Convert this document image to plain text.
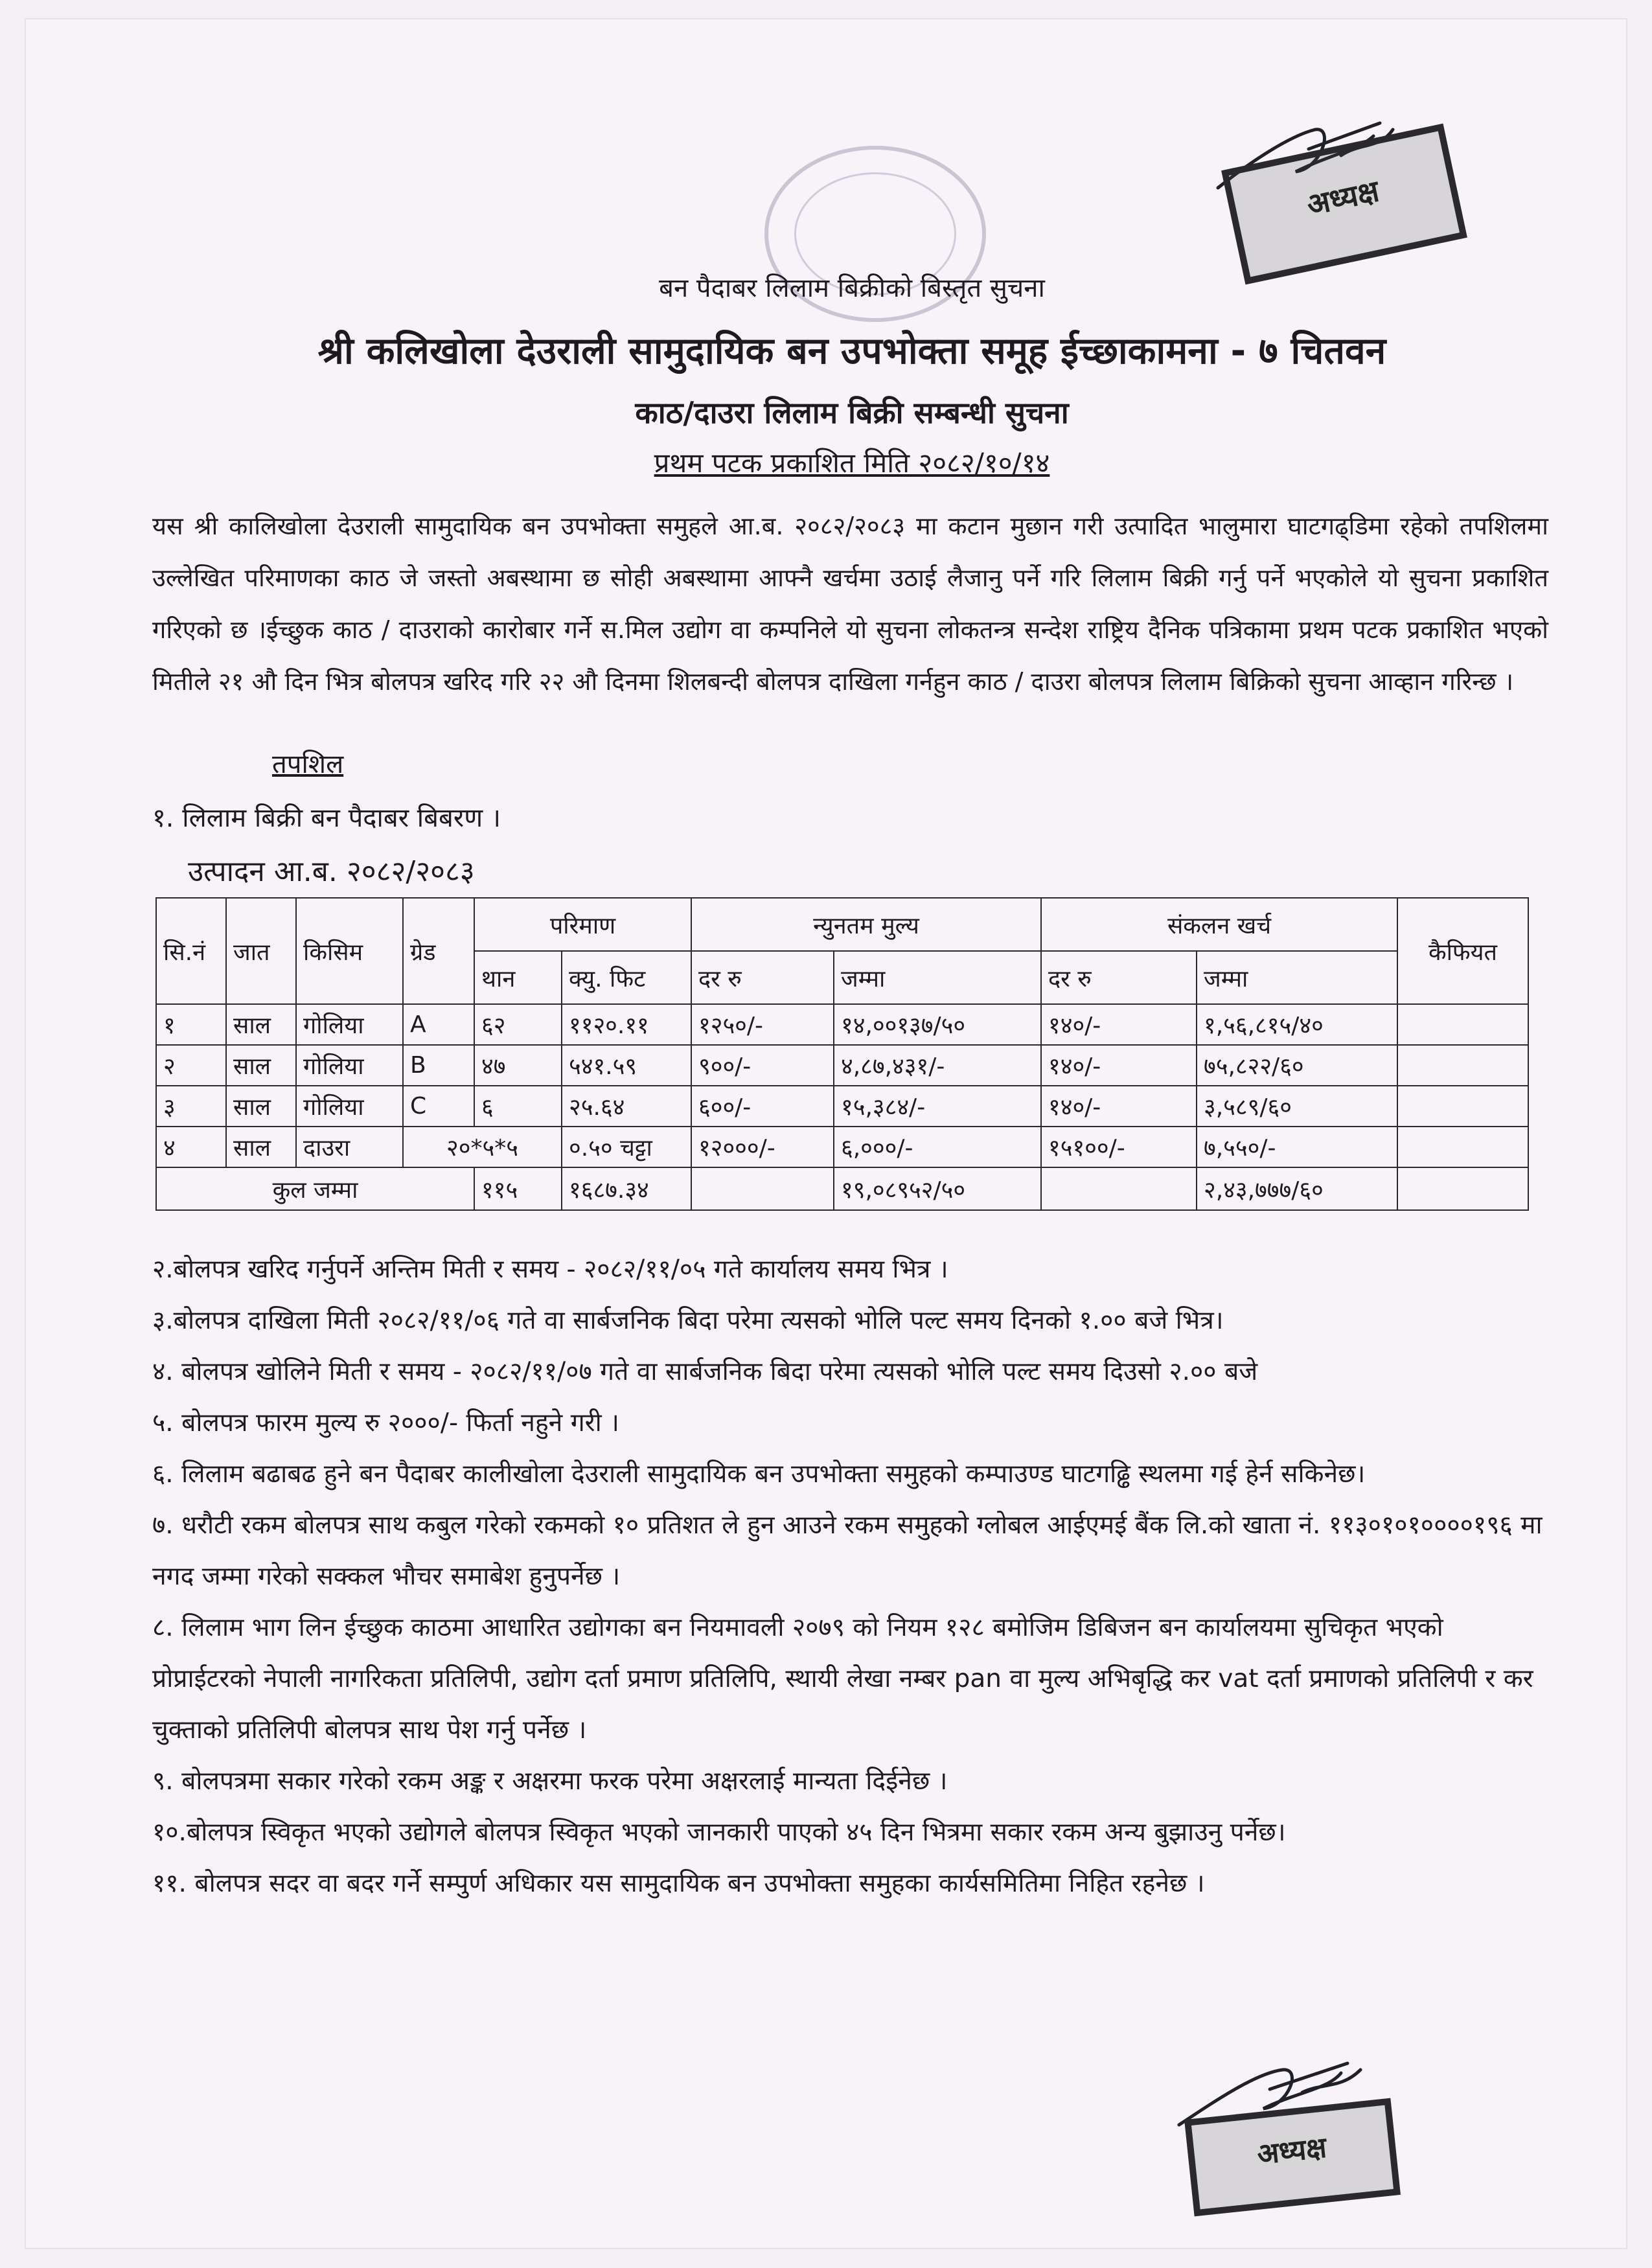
अध्यक्ष
बन पैदाबर लिलाम बिक्रीको बिस्तृत सुचना
श्री कलिखोला देउराली सामुदायिक बन उपभोक्ता समूह ईच्छाकामना - ७ चितवन
काठ/दाउरा लिलाम बिक्री सम्बन्धी सुचना
प्रथम पटक प्रकाशित मिति २०८२/१०/१४
यस श्री कालिखोला देउराली सामुदायिक बन उपभोक्ता समुहले आ.ब. २०८२/२०८३ मा कटान मुछान गरी उत्पादित भालुमारा घाटगढ्डिमा रहेको तपशिलमा उल्लेखित परिमाणका काठ जे जस्तो अबस्थामा छ सोही अबस्थामा आफ्नै खर्चमा उठाई लैजानु पर्ने गरि लिलाम बिक्री गर्नु पर्ने भएकोले यो सुचना प्रकाशित गरिएको छ ।ईच्छुक काठ / दाउराको कारोबार गर्ने स.मिल उद्योग वा कम्पनिले यो सुचना लोकतन्त्र सन्देश राष्ट्रिय दैनिक पत्रिकामा प्रथम पटक प्रकाशित भएको मितीले २१ औ दिन भित्र बोलपत्र खरिद गरि २२ औ दिनमा शिलबन्दी बोलपत्र दाखिला गर्नहुन काठ / दाउरा बोलपत्र लिलाम बिक्रिको सुचना आव्हान गरिन्छ ।
तपशिल
१. लिलाम बिक्री बन पैदाबर बिबरण ।
उत्पादन आ.ब. २०८२/२०८३
सि.नं	जात	किसिम	ग्रेड	परिमाण		न्युनतम मुल्य		संकलन खर्च		कैफियत
				थान	क्यु. फिट	दर रु	जम्मा	दर रु	जम्मा	
१	साल	गोलिया	A	६२	११२०.११	१२५०/-	१४,००१३७/५०	१४०/-	१,५६,८१५/४०	
२	साल	गोलिया	B	४७	५४१.५९	९००/-	४,८७,४३१/-	१४०/-	७५,८२२/६०	
३	साल	गोलिया	C	६	२५.६४	६००/-	१५,३८४/-	१४०/-	३,५८९/६०	
४	साल	दाउरा	२०*५*५		०.५० चट्टा	१२०००/-	६,०००/-	१५१००/-	७,५५०/-	
कुल जम्मा				११५	१६८७.३४		१९,०८९५२/५०		२,४३,७७७/६०	

२.बोलपत्र खरिद गर्नुपर्ने अन्तिम मिती र समय - २०८२/११/०५ गते कार्यालय समय भित्र ।

३.बोलपत्र दाखिला मिती २०८२/११/०६ गते वा सार्बजनिक बिदा परेमा त्यसको भोलि पल्ट समय दिनको १.०० बजे भित्र।

४. बोलपत्र खोलिने मिती र समय - २०८२/११/०७ गते वा सार्बजनिक बिदा परेमा त्यसको भोलि पल्ट समय दिउसो २.०० बजे

५. बोलपत्र फारम मुल्य रु २०००/- फिर्ता नहुने गरी ।

६. लिलाम बढाबढ हुने बन पैदाबर कालीखोला देउराली सामुदायिक बन उपभोक्ता समुहको कम्पाउण्ड घाटगढ्ढि स्थलमा गई हेर्न सकिनेछ।

७. धरौटी रकम बोलपत्र साथ कबुल गरेको रकमको १० प्रतिशत ले हुन आउने रकम समुहको ग्लोबल आईएमई बैंक लि.को खाता नं. ११३०१०१००००१९६ मा नगद जम्मा गरेको सक्कल भौचर समाबेश हुनुपर्नेछ ।

८. लिलाम भाग लिन ईच्छुक काठमा आधारित उद्योगका बन नियमावली २०७९ को नियम १२८ बमोजिम डिबिजन बन कार्यालयमा सुचिकृत भएको प्रोप्राईटरको नेपाली नागरिकता प्रतिलिपी, उद्योग दर्ता प्रमाण प्रतिलिपि, स्थायी लेखा नम्बर pan वा मुल्य अभिबृद्धि कर vat दर्ता प्रमाणको प्रतिलिपी र कर चुक्ताको प्रतिलिपी बोलपत्र साथ पेश गर्नु पर्नेछ ।

९. बोलपत्रमा सकार गरेको रकम अङ्क र अक्षरमा फरक परेमा अक्षरलाई मान्यता दिईनेछ ।

१०.बोलपत्र स्विकृत भएको उद्योगले बोलपत्र स्विकृत भएको जानकारी पाएको ४५ दिन भित्रमा सकार रकम अन्य बुझाउनु पर्नेछ।

११. बोलपत्र सदर वा बदर गर्ने सम्पुर्ण अधिकार यस सामुदायिक बन उपभोक्ता समुहका कार्यसमितिमा निहित रहनेछ ।

अध्यक्ष
